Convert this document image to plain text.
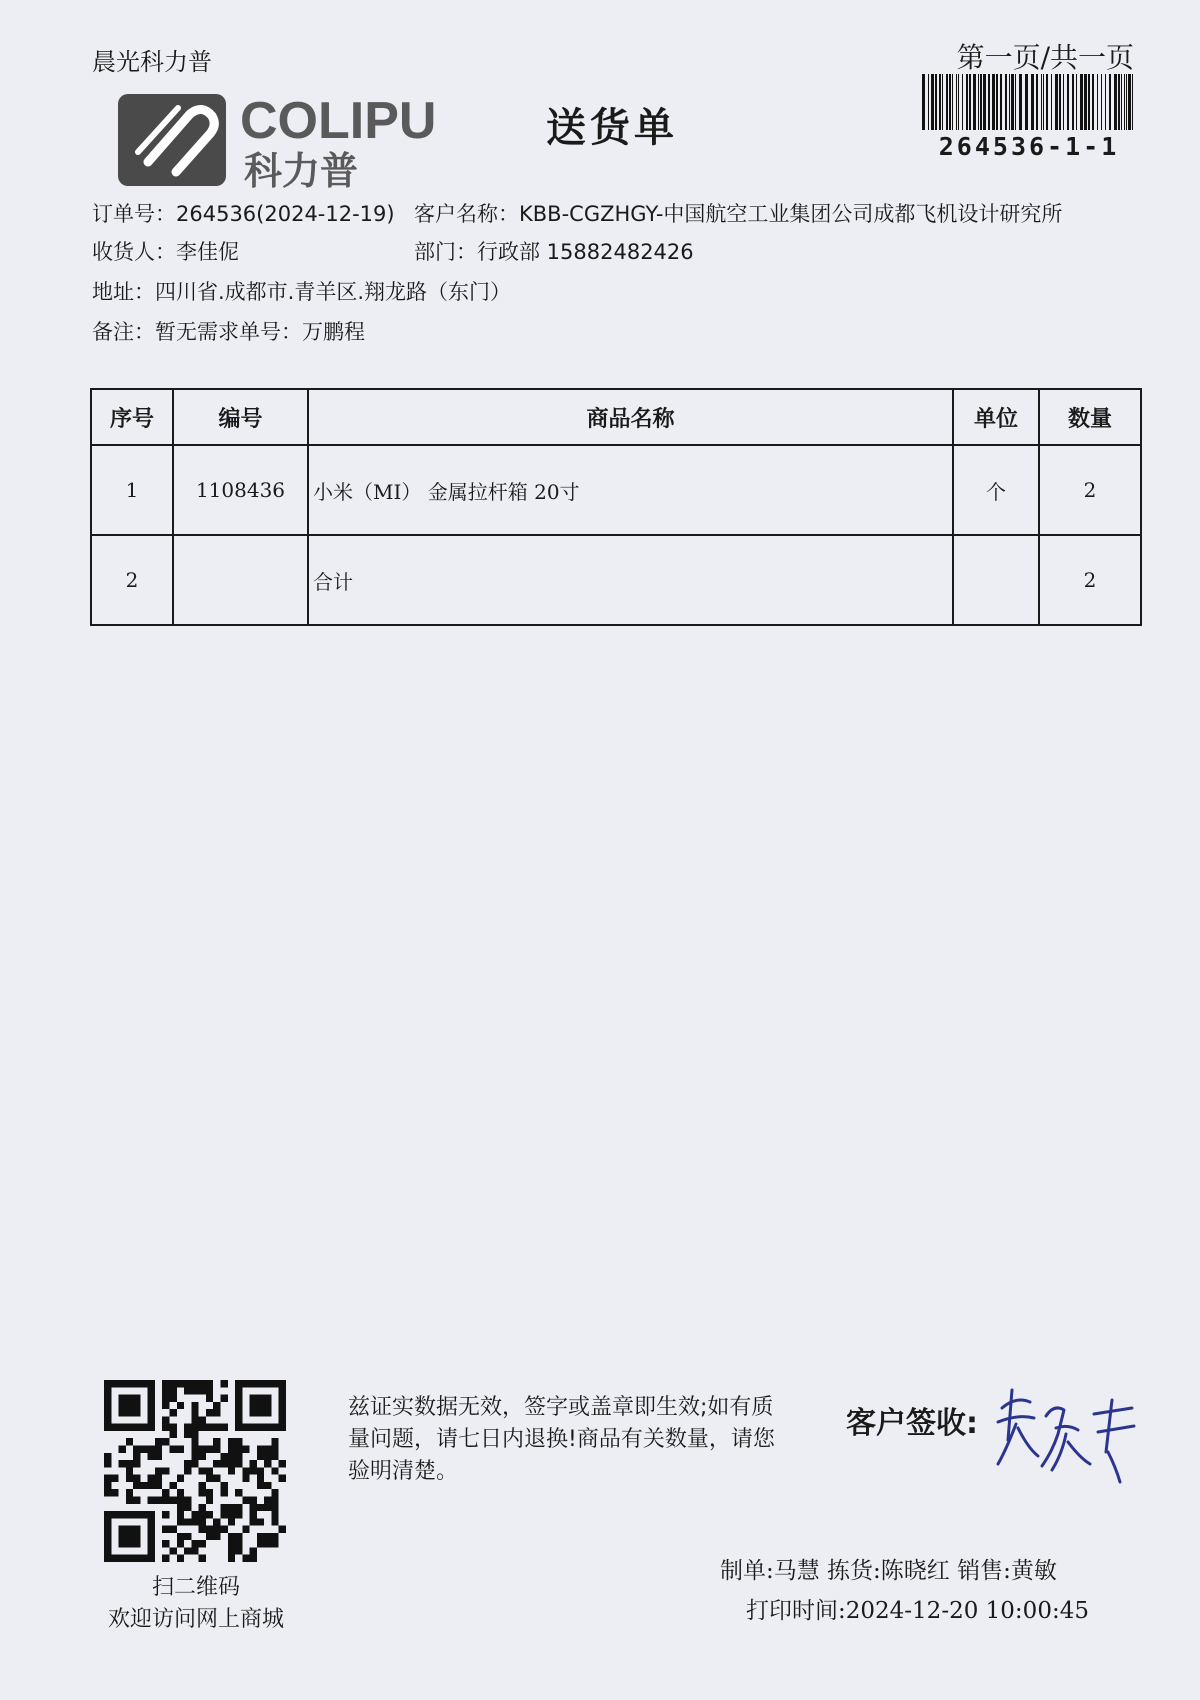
晨光科力普	第一页/共一页
COLIPU
科力普
送货单	264536-1-1
订单号：264536(2024-12-19) 客户名称：KBB-CGZHGY-中国航空工业集团公司成都飞机设计研究所
收货人：李佳伲	部门：行政部 15882482426
地址：四川省.成都市.青羊区.翔龙路（东门）
备注：暂无需求单号：万鹏程
序号	编号	商品名称	单位	数量
1	1108436	小米（MI） 金属拉杆箱 20寸	个	2
2		合计		2
扫二维码
欢迎访问网上商城
兹证实数据无效，签字或盖章即生效;如有质量问题，请七日内退换!商品有关数量，请您验明清楚。
客户签收:
制单:马慧 拣货:陈晓红 销售:黄敏
打印时间:2024-12-20 10:00:45
